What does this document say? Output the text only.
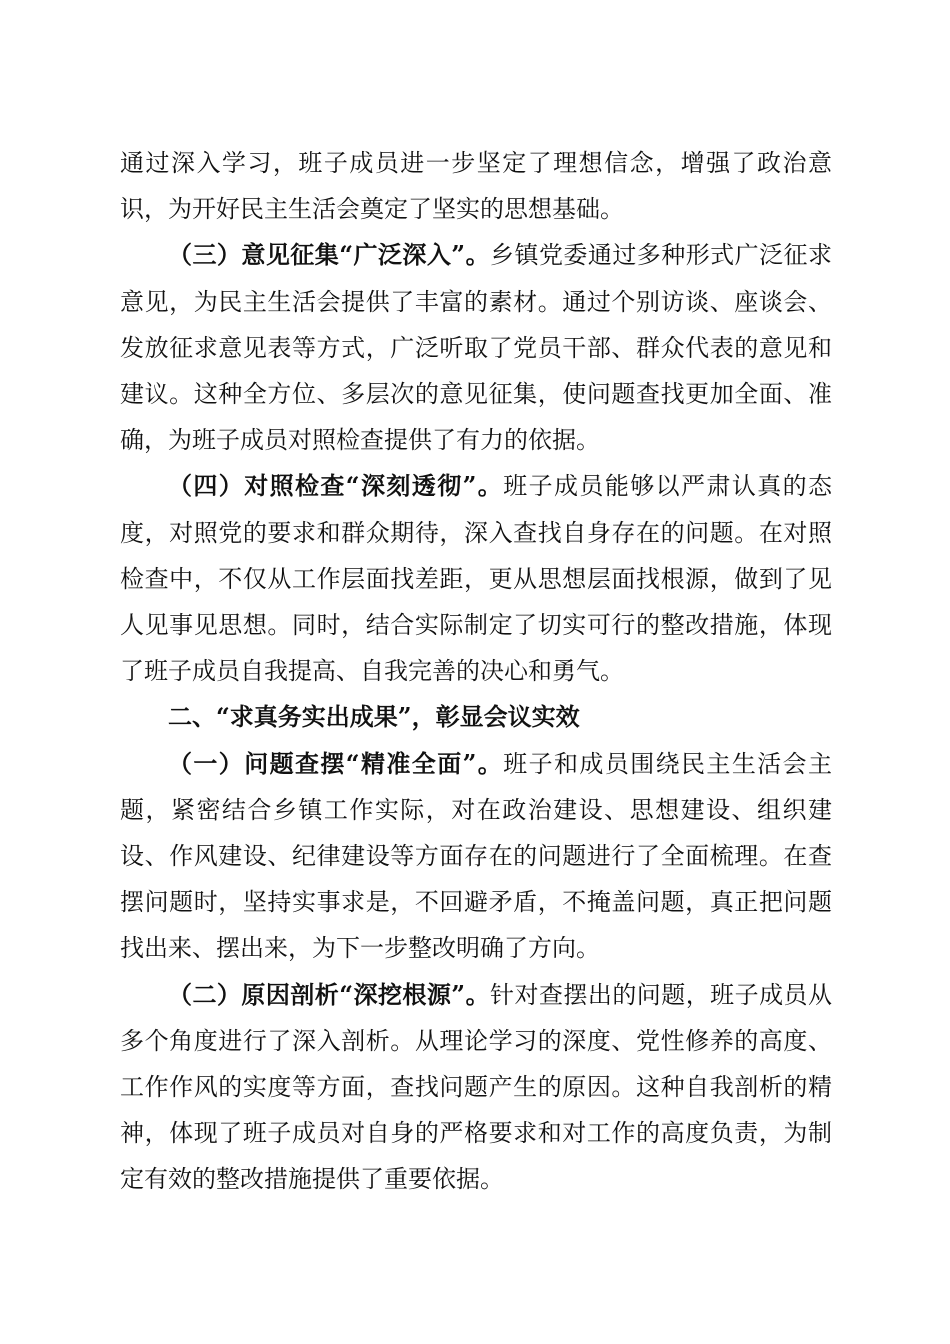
通过深入学习，班子成员进一步坚定了理想信念，增强了政治意识，为开好民主生活会奠定了坚实的思想基础。

（三）意见征集“广泛深入”。乡镇党委通过多种形式广泛征求意见，为民主生活会提供了丰富的素材。通过个别访谈、座谈会、发放征求意见表等方式，广泛听取了党员干部、群众代表的意见和建议。这种全方位、多层次的意见征集，使问题查找更加全面、准确，为班子成员对照检查提供了有力的依据。

（四）对照检查“深刻透彻”。班子成员能够以严肃认真的态度，对照党的要求和群众期待，深入查找自身存在的问题。在对照检查中，不仅从工作层面找差距，更从思想层面找根源，做到了见人见事见思想。同时，结合实际制定了切实可行的整改措施，体现了班子成员自我提高、自我完善的决心和勇气。

二、“求真务实出成果”，彰显会议实效

（一）问题查摆“精准全面”。班子和成员围绕民主生活会主题，紧密结合乡镇工作实际，对在政治建设、思想建设、组织建设、作风建设、纪律建设等方面存在的问题进行了全面梳理。在查摆问题时，坚持实事求是，不回避矛盾，不掩盖问题，真正把问题找出来、摆出来，为下一步整改明确了方向。

（二）原因剖析“深挖根源”。针对查摆出的问题，班子成员从多个角度进行了深入剖析。从理论学习的深度、党性修养的高度、工作作风的实度等方面，查找问题产生的原因。这种自我剖析的精神，体现了班子成员对自身的严格要求和对工作的高度负责，为制定有效的整改措施提供了重要依据。
